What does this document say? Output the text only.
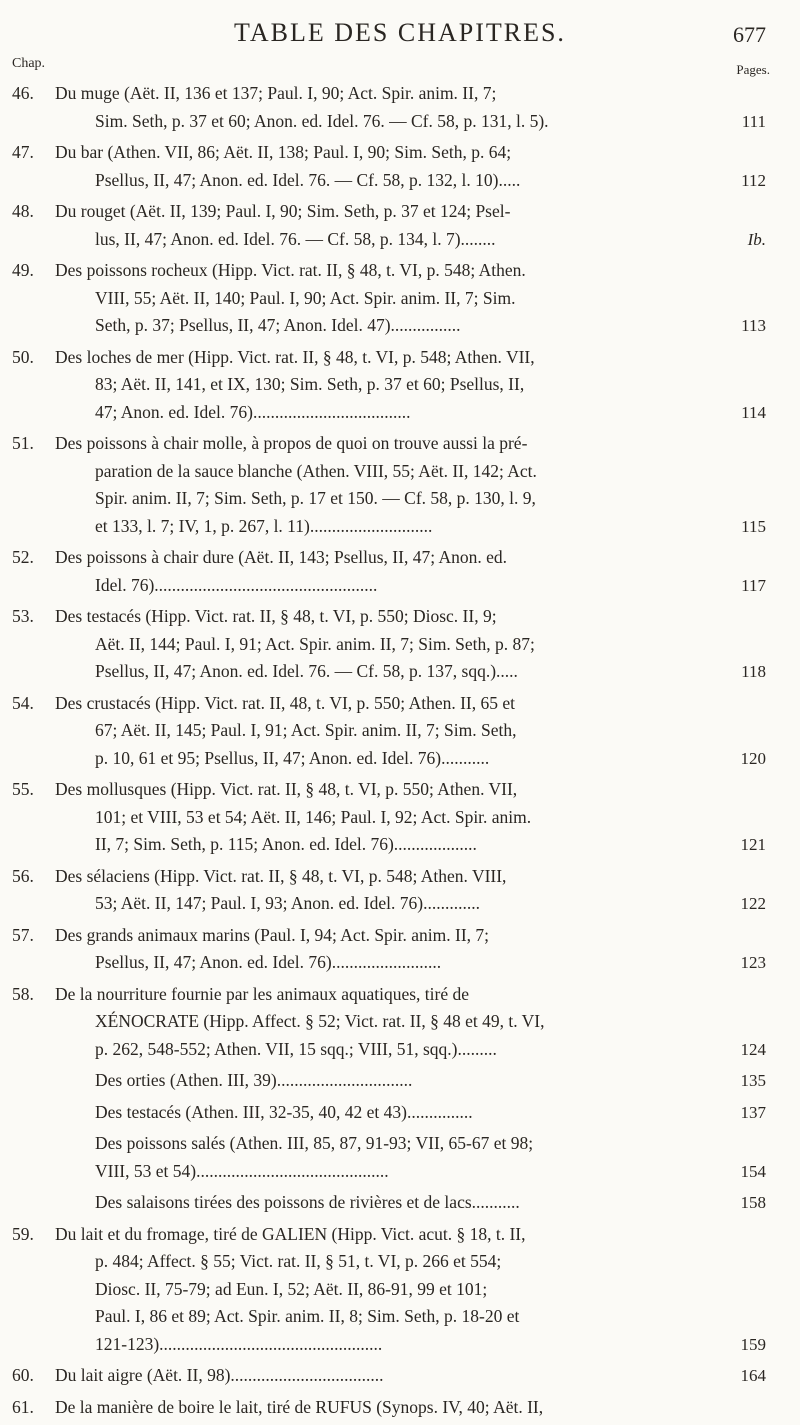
TABLE DES CHAPITRES.	677
Chap.	Pages.
46.	Du muge (Aët. II, 136 et 137; Paul. I, 90; Act. Spir. anim. II, 7;
Sim. Seth, p. 37 et 60; Anon. ed. Idel. 76. — Cf. 58, p. 131, l. 5).	111
47.	Du bar (Athen. VII, 86; Aët. II, 138; Paul. I, 90; Sim. Seth, p. 64;
Psellus, II, 47; Anon. ed. Idel. 76. — Cf. 58, p. 132, l. 10).....	112
48.	Du rouget (Aët. II, 139; Paul. I, 90; Sim. Seth, p. 37 et 124; Psel-
lus, II, 47; Anon. ed. Idel. 76. — Cf. 58, p. 134, l. 7)........	Ib.
49.	Des poissons rocheux (Hipp. Vict. rat. II, § 48, t. VI, p. 548; Athen.
VIII, 55; Aët. II, 140; Paul. I, 90; Act. Spir. anim. II, 7; Sim.
Seth, p. 37; Psellus, II, 47; Anon. Idel. 47)................	113
50.	Des loches de mer (Hipp. Vict. rat. II, § 48, t. VI, p. 548; Athen. VII,
83; Aët. II, 141, et IX, 130; Sim. Seth, p. 37 et 60; Psellus, II,
47; Anon. ed. Idel. 76)....................................	114
51.	Des poissons à chair molle, à propos de quoi on trouve aussi la pré-
paration de la sauce blanche (Athen. VIII, 55; Aët. II, 142; Act.
Spir. anim. II, 7; Sim. Seth, p. 17 et 150. — Cf. 58, p. 130, l. 9,
et 133, l. 7; IV, 1, p. 267, l. 11)............................	115
52.	Des poissons à chair dure (Aët. II, 143; Psellus, II, 47; Anon. ed.
Idel. 76)...................................................	117
53.	Des testacés (Hipp. Vict. rat. II, § 48, t. VI, p. 550; Diosc. II, 9;
Aët. II, 144; Paul. I, 91; Act. Spir. anim. II, 7; Sim. Seth, p. 87;
Psellus, II, 47; Anon. ed. Idel. 76. — Cf. 58, p. 137, sqq.).....	118
54.	Des crustacés (Hipp. Vict. rat. II, 48, t. VI, p. 550; Athen. II, 65 et
67; Aët. II, 145; Paul. I, 91; Act. Spir. anim. II, 7; Sim. Seth,
p. 10, 61 et 95; Psellus, II, 47; Anon. ed. Idel. 76)...........	120
55.	Des mollusques (Hipp. Vict. rat. II, § 48, t. VI, p. 550; Athen. VII,
101; et VIII, 53 et 54; Aët. II, 146; Paul. I, 92; Act. Spir. anim.
II, 7; Sim. Seth, p. 115; Anon. ed. Idel. 76)...................	121
56.	Des sélaciens (Hipp. Vict. rat. II, § 48, t. VI, p. 548; Athen. VIII,
53; Aët. II, 147; Paul. I, 93; Anon. ed. Idel. 76).............	122
57.	Des grands animaux marins (Paul. I, 94; Act. Spir. anim. II, 7;
Psellus, II, 47; Anon. ed. Idel. 76).........................	123
58.	De la nourriture fournie par les animaux aquatiques, tiré de
XÉNOCRATE (Hipp. Affect. § 52; Vict. rat. II, § 48 et 49, t. VI,
p. 262, 548-552; Athen. VII, 15 sqq.; VIII, 51, sqq.).........	124
Des orties (Athen. III, 39)...............................	135
Des testacés (Athen. III, 32-35, 40, 42 et 43)...............	137
Des poissons salés (Athen. III, 85, 87, 91-93; VII, 65-67 et 98;
VIII, 53 et 54)............................................	154
Des salaisons tirées des poissons de rivières et de lacs...........	158
59.	Du lait et du fromage, tiré de GALIEN (Hipp. Vict. acut. § 18, t. II,
p. 484; Affect. § 55; Vict. rat. II, § 51, t. VI, p. 266 et 554;
Diosc. II, 75-79; ad Eun. I, 52; Aët. II, 86-91, 99 et 101;
Paul. I, 86 et 89; Act. Spir. anim. II, 8; Sim. Seth, p. 18-20 et
121-123)...................................................	159
60.	Du lait aigre (Aët. II, 98)...................................	164
61.	De la manière de boire le lait, tiré de RUFUS (Synops. IV, 40; Aët. II,
